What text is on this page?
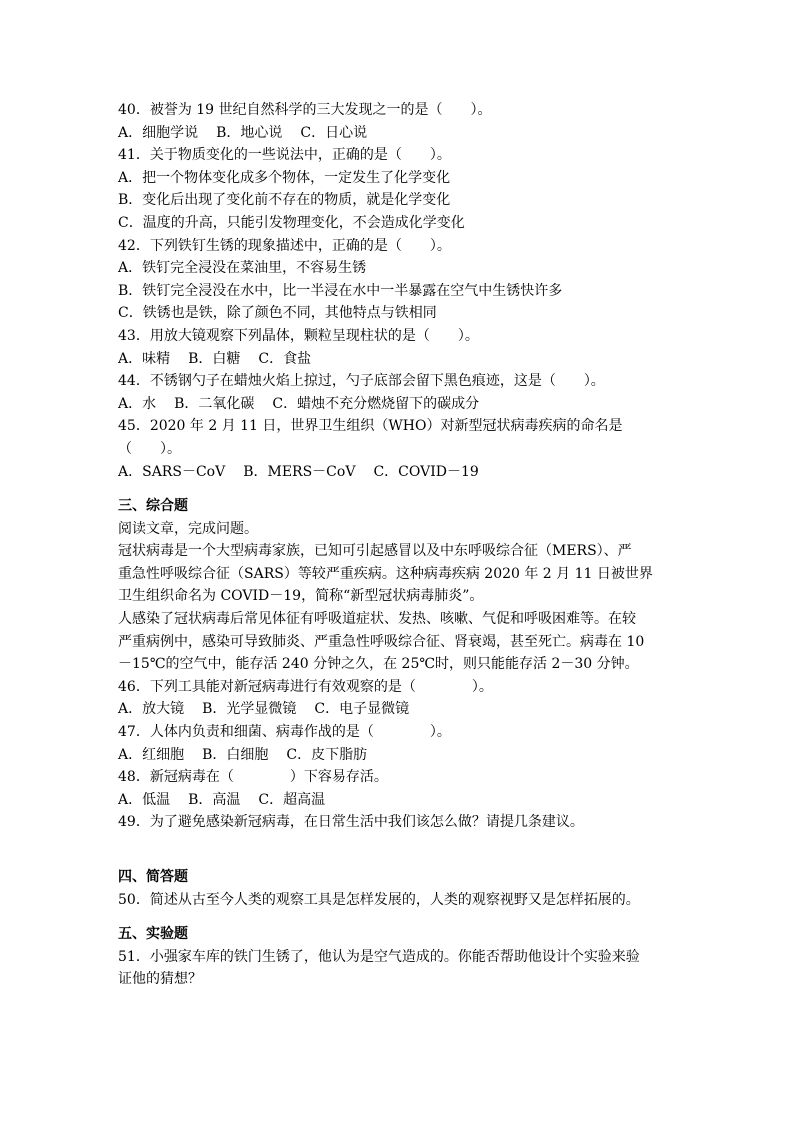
40．被誉为 19 世纪自然科学的三大发现之一的是（　　）。
A．细胞学说 B．地心说 C．日心说
41．关于物质变化的一些说法中，正确的是（　　）。
A．把一个物体变化成多个物体，一定发生了化学变化
B．变化后出现了变化前不存在的物质，就是化学变化
C．温度的升高，只能引发物理变化，不会造成化学变化
42．下列铁钉生锈的现象描述中，正确的是（　　）。
A．铁钉完全浸没在菜油里，不容易生锈
B．铁钉完全浸没在水中，比一半浸在水中一半暴露在空气中生锈快许多
C．铁锈也是铁，除了颜色不同，其他特点与铁相同
43．用放大镜观察下列晶体，颗粒呈现柱状的是（　　）。
A．味精 B．白糖 C．食盐
44．不锈钢勺子在蜡烛火焰上掠过，勺子底部会留下黑色痕迹，这是（　　）。
A．水 B．二氧化碳 C．蜡烛不充分燃烧留下的碳成分
45．2020 年 2 月 11 日，世界卫生组织（WHO）对新型冠状病毒疾病的命名是
（　　）。
A．SARS－CoV B．MERS－CoV C．COVID－19
三、综合题
阅读文章，完成问题。
冠状病毒是一个大型病毒家族，已知可引起感冒以及中东呼吸综合征（MERS）、严
重急性呼吸综合征（SARS）等较严重疾病。这种病毒疾病 2020 年 2 月 11 日被世界
卫生组织命名为 COVID－19，简称“新型冠状病毒肺炎”。
人感染了冠状病毒后常见体征有呼吸道症状、发热、咳嗽、气促和呼吸困难等。在较
严重病例中，感染可导致肺炎、严重急性呼吸综合征、肾衰竭，甚至死亡。病毒在 10
－15℃的空气中，能存活 240 分钟之久，在 25℃时，则只能能存活 2－30 分钟。
46．下列工具能对新冠病毒进行有效观察的是（　　　　）。
A．放大镜 B．光学显微镜 C．电子显微镜
47．人体内负责和细菌、病毒作战的是（　　　　）。
A．红细胞 B．白细胞 C．皮下脂肪
48．新冠病毒在（　　　　）下容易存活。
A．低温 B．高温 C．超高温
49．为了避免感染新冠病毒，在日常生活中我们该怎么做？请提几条建议。
四、简答题
50．简述从古至今人类的观察工具是怎样发展的，人类的观察视野又是怎样拓展的。
五、实验题
51．小强家车库的铁门生锈了，他认为是空气造成的。你能否帮助他设计个实验来验
证他的猜想？
